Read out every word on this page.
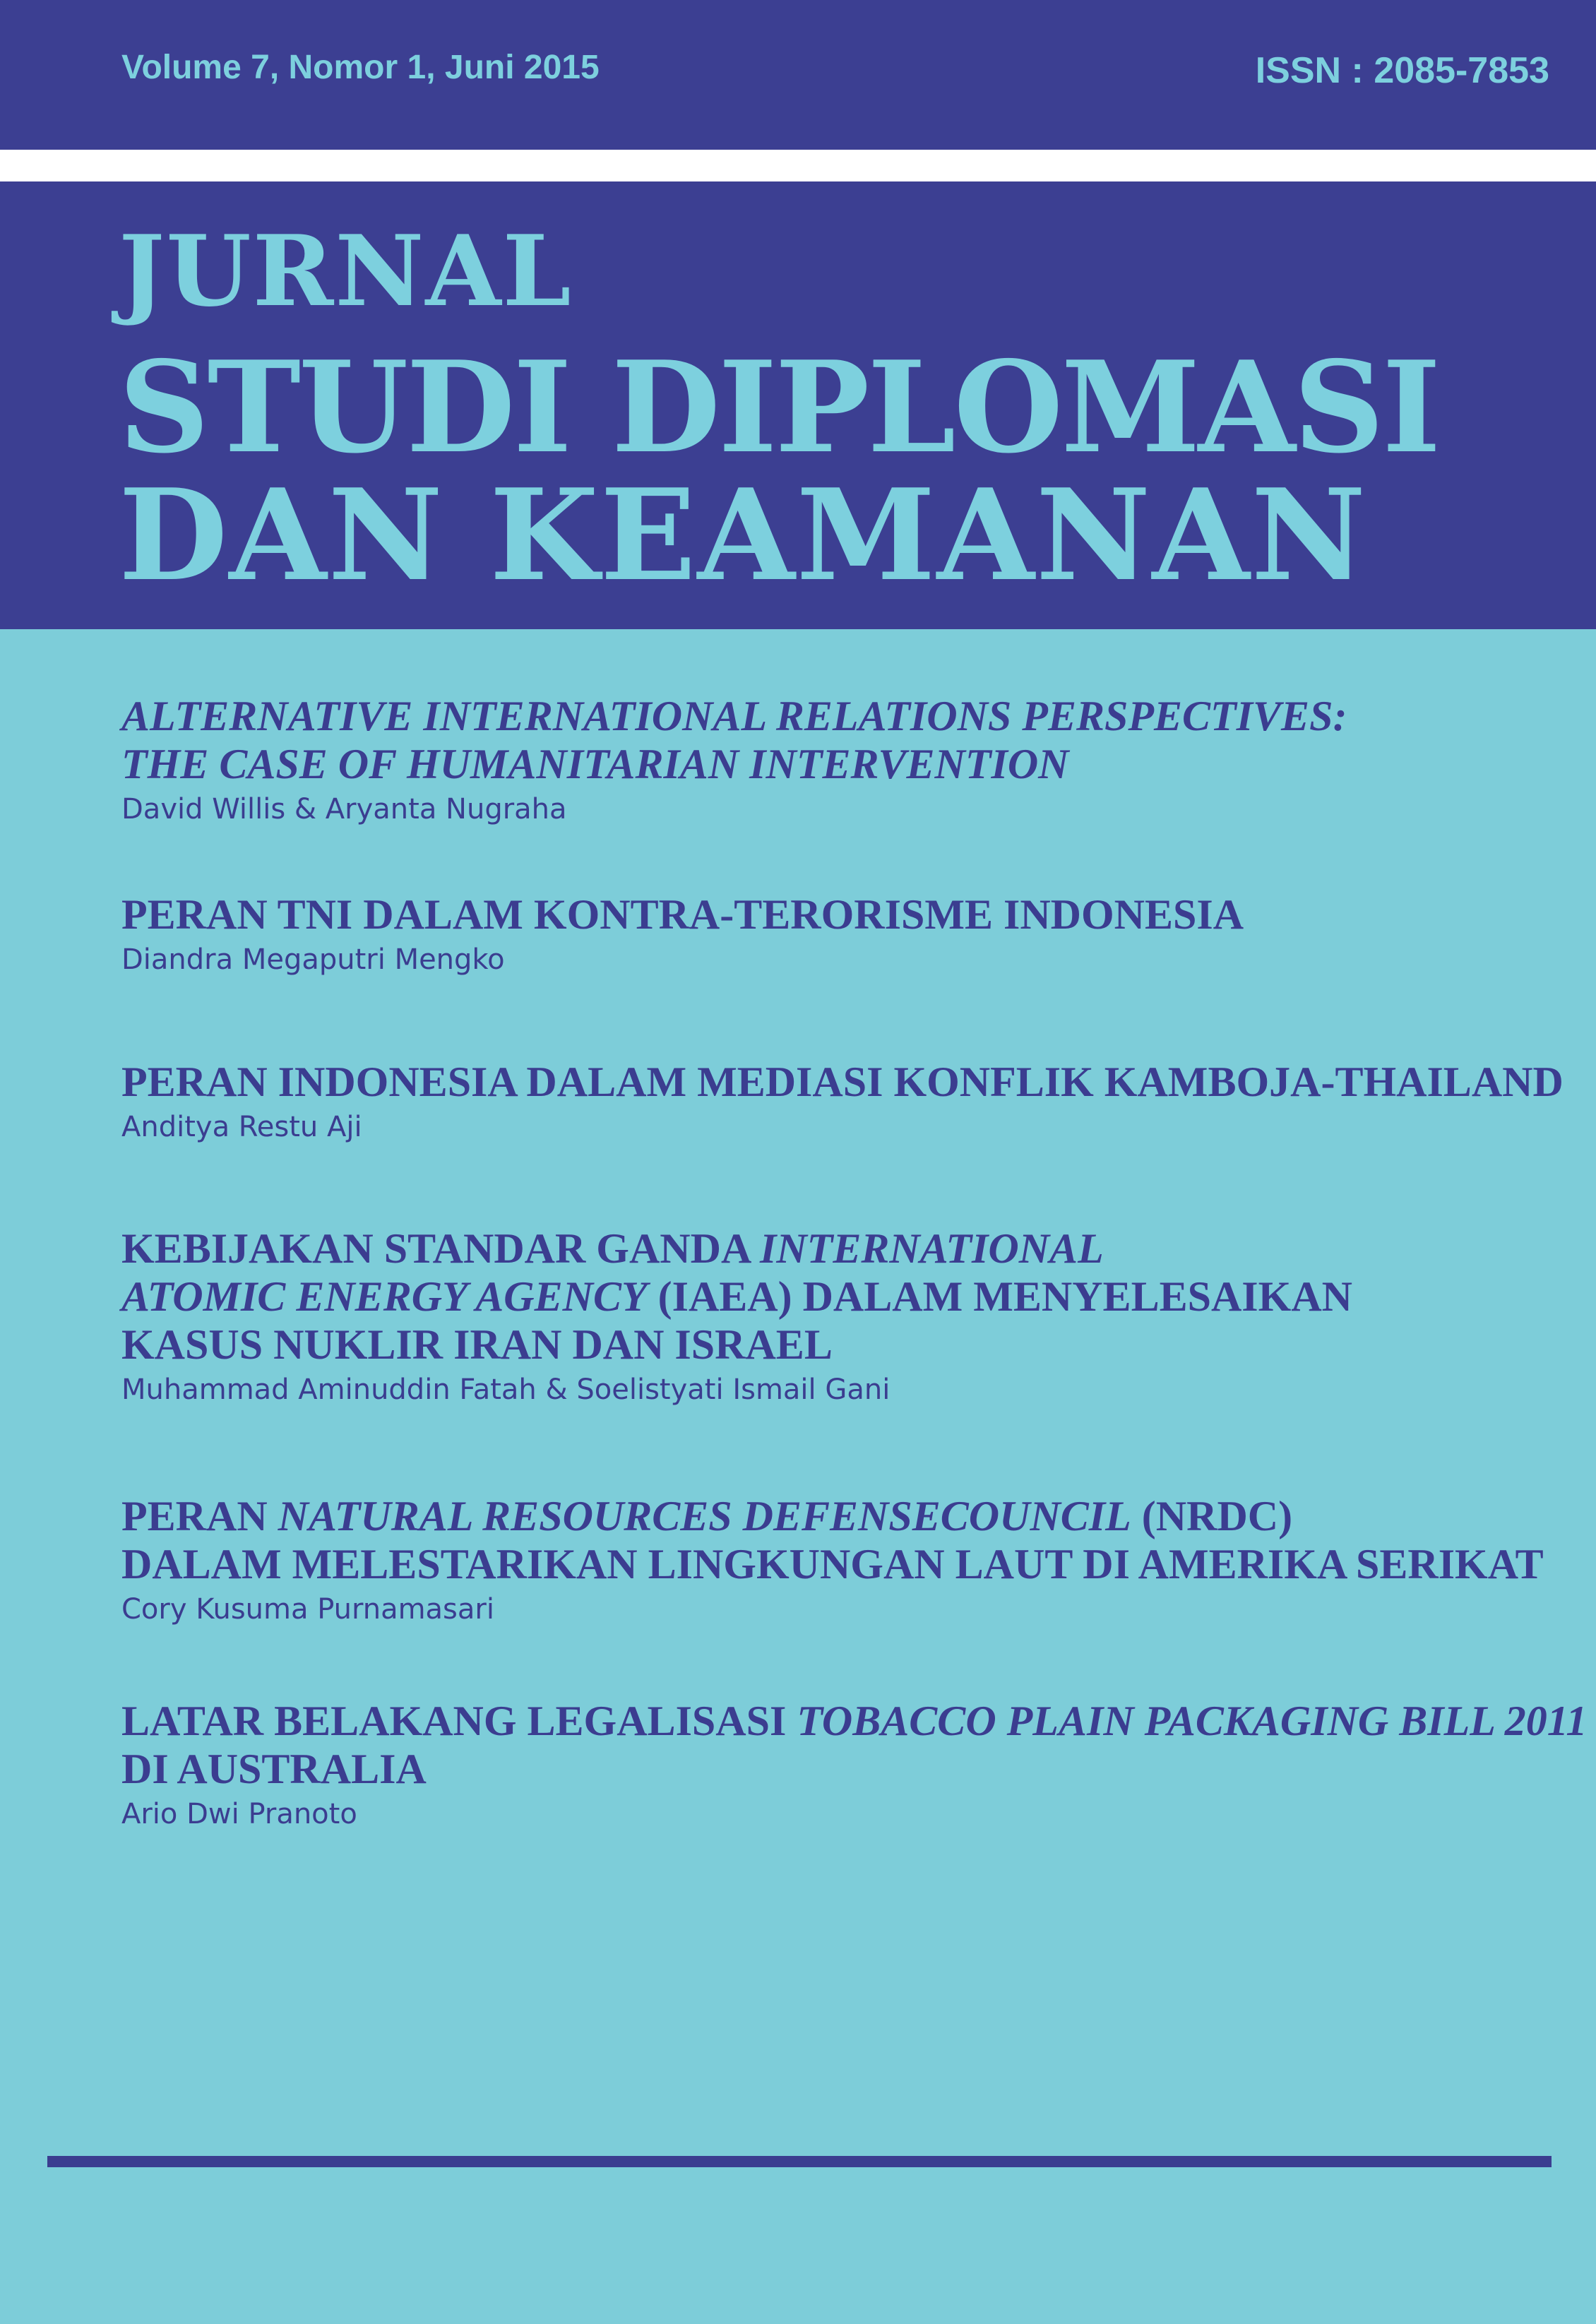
Volume 7, Nomor 1, Juni 2015	ISSN : 2085-7853
JURNAL
STUDI DIPLOMASI
DAN KEAMANAN
ALTERNATIVE INTERNATIONAL RELATIONS PERSPECTIVES:
THE CASE OF HUMANITARIAN INTERVENTION
David Willis & Aryanta Nugraha
PERAN TNI DALAM KONTRA-TERORISME INDONESIA
Diandra Megaputri Mengko
PERAN INDONESIA DALAM MEDIASI KONFLIK KAMBOJA-THAILAND
Anditya Restu Aji
KEBIJAKAN STANDAR GANDA INTERNATIONAL
ATOMIC ENERGY AGENCY (IAEA) DALAM MENYELESAIKAN
KASUS NUKLIR IRAN DAN ISRAEL
Muhammad Aminuddin Fatah & Soelistyati Ismail Gani
PERAN NATURAL RESOURCES DEFENSECOUNCIL (NRDC)
DALAM MELESTARIKAN LINGKUNGAN LAUT DI AMERIKA SERIKAT
Cory Kusuma Purnamasari
LATAR BELAKANG LEGALISASI TOBACCO PLAIN PACKAGING BILL 2011
DI AUSTRALIA
Ario Dwi Pranoto
